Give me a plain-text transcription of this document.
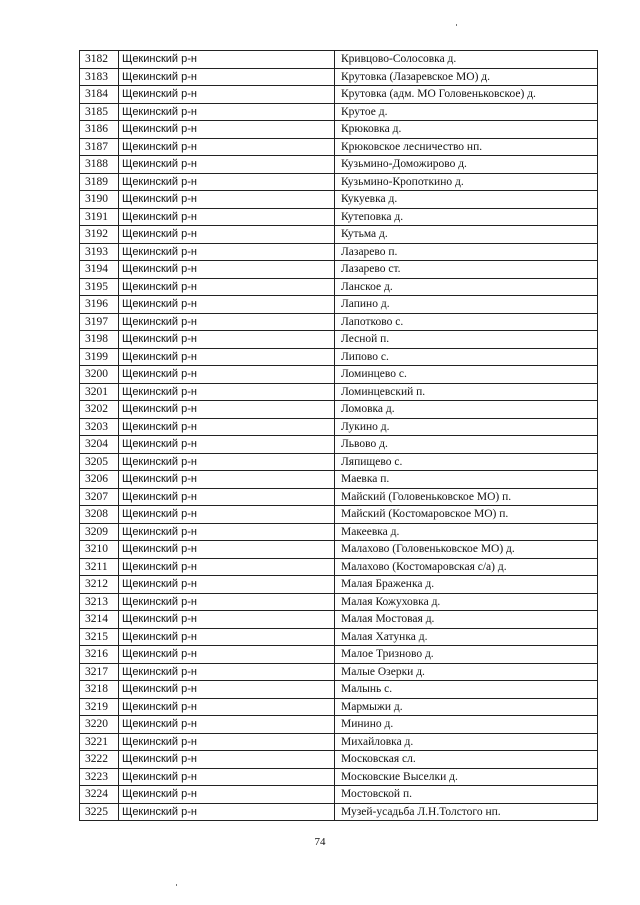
3182	Щекинский р-н	Кривцово-Солосовка д.
3183	Щекинский р-н	Крутовка (Лазаревское МО) д.
3184	Щекинский р-н	Крутовка (адм. МО Головеньковское) д.
3185	Щекинский р-н	Крутое д.
3186	Щекинский р-н	Крюковка д.
3187	Щекинский р-н	Крюковское лесничество нп.
3188	Щекинский р-н	Кузьмино-Доможирово д.
3189	Щекинский р-н	Кузьмино-Кропоткино д.
3190	Щекинский р-н	Кукуевка д.
3191	Щекинский р-н	Кутеповка д.
3192	Щекинский р-н	Кутьма д.
3193	Щекинский р-н	Лазарево п.
3194	Щекинский р-н	Лазарево ст.
3195	Щекинский р-н	Ланское д.
3196	Щекинский р-н	Лапино д.
3197	Щекинский р-н	Лапотково с.
3198	Щекинский р-н	Лесной п.
3199	Щекинский р-н	Липово с.
3200	Щекинский р-н	Ломинцево с.
3201	Щекинский р-н	Ломинцевский п.
3202	Щекинский р-н	Ломовка д.
3203	Щекинский р-н	Лукино д.
3204	Щекинский р-н	Львово д.
3205	Щекинский р-н	Ляпищево с.
3206	Щекинский р-н	Маевка п.
3207	Щекинский р-н	Майский (Головеньковское МО) п.
3208	Щекинский р-н	Майский (Костомаровское МО) п.
3209	Щекинский р-н	Макеевка д.
3210	Щекинский р-н	Малахово (Головеньковское МО) д.
3211	Щекинский р-н	Малахово (Костомаровская с/а) д.
3212	Щекинский р-н	Малая Браженка д.
3213	Щекинский р-н	Малая Кожуховка д.
3214	Щекинский р-н	Малая Мостовая д.
3215	Щекинский р-н	Малая Хатунка д.
3216	Щекинский р-н	Малое Тризново д.
3217	Щекинский р-н	Малые Озерки д.
3218	Щекинский р-н	Малынь с.
3219	Щекинский р-н	Мармыжи д.
3220	Щекинский р-н	Минино д.
3221	Щекинский р-н	Михайловка д.
3222	Щекинский р-н	Московская сл.
3223	Щекинский р-н	Московские Выселки д.
3224	Щекинский р-н	Мостовской п.
3225	Щекинский р-н	Музей-усадьба Л.Н.Толстого нп.
74
